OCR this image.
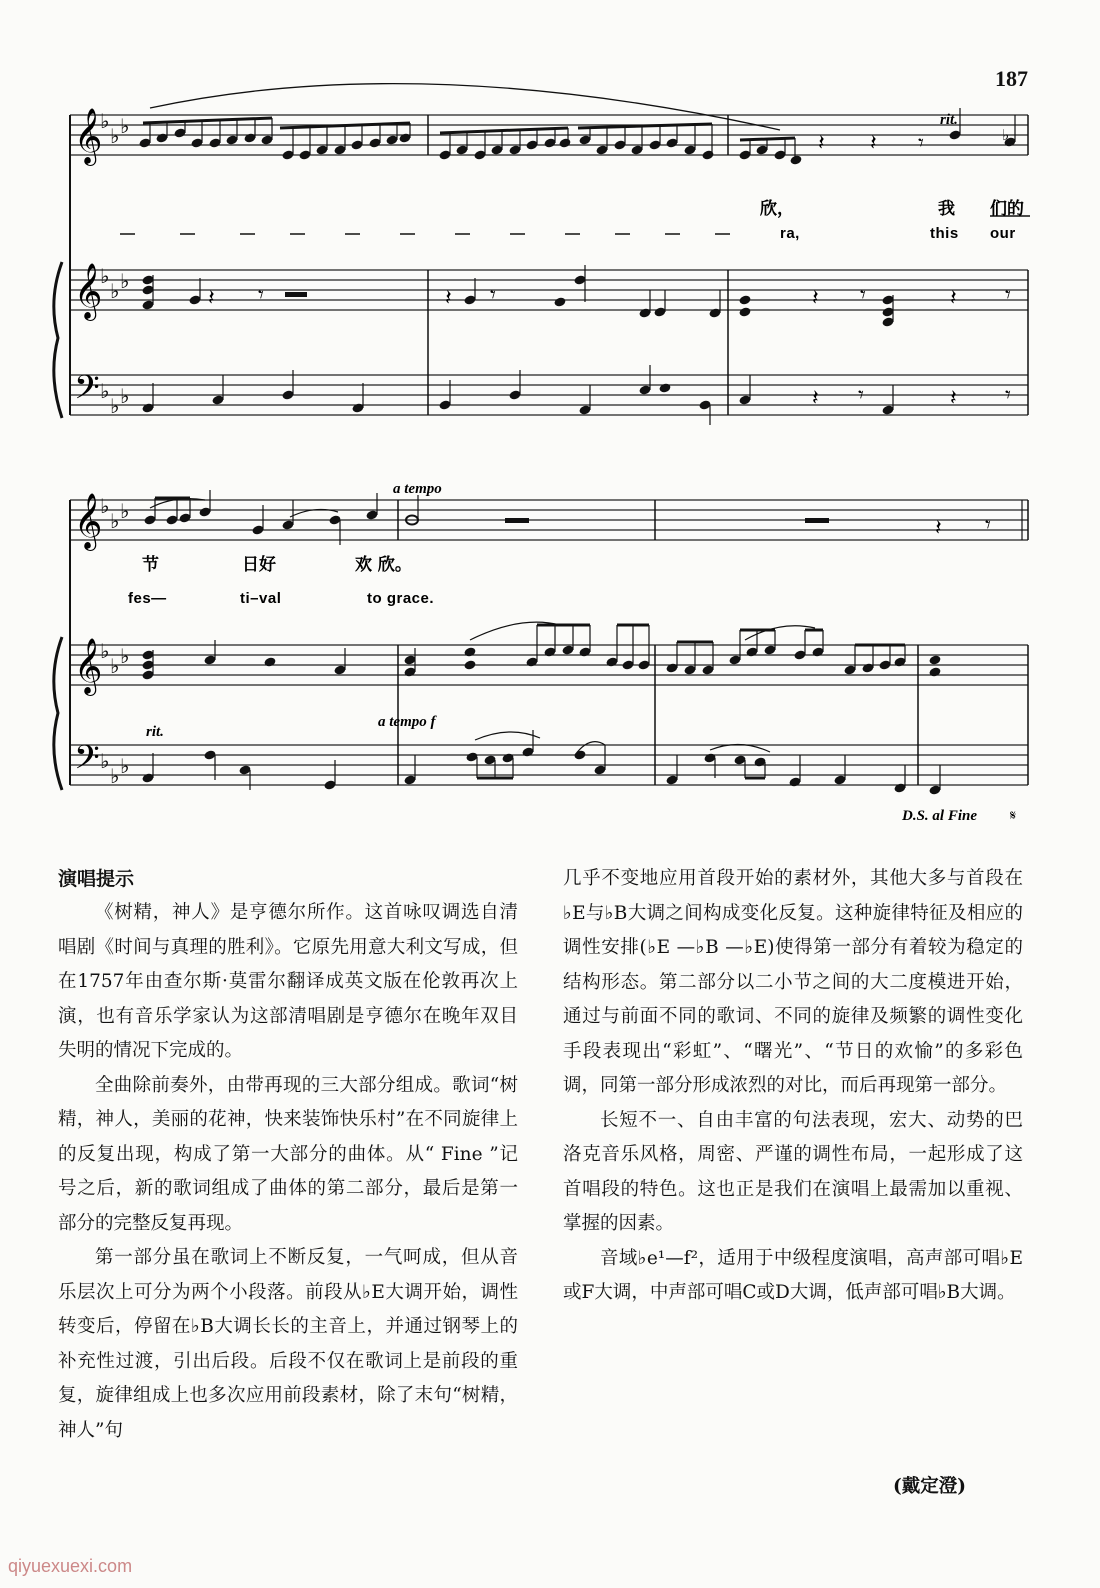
187
𝄞
𝄞
𝄢
♭
♭ ♭
♭
♭ ♭
♭
♭ ♭
𝄽 𝄽 𝄾	♭
𝄽 𝄾	𝄽 𝄾	𝄽 𝄾	𝄽 𝄾
𝄽 𝄾	𝄽 𝄾
rit.
欣，	我 们的
ra,	this our
𝄞
𝄞
𝄢
♭
♭ ♭
♭
♭ ♭
♭
♭ ♭
𝄽 𝄾
a tempo
节	日好	欢 欣。
fes—	ti–val	to grace.
rit.
a tempo f
D.S. al Fine 𝄋

演唱提示

《树精，神人》是亨德尔所作。这首咏叹调选自清唱剧《时间与真理的胜利》。它原先用意大利文写成，但在1757年由查尔斯·莫雷尔翻译成英文版在伦敦再次上演，也有音乐学家认为这部清唱剧是亨德尔在晚年双目失明的情况下完成的。

全曲除前奏外，由带再现的三大部分组成。歌词“树精，神人，美丽的花神，快来装饰快乐村”在不同旋律上的反复出现，构成了第一大部分的曲体。从“ Fine ”记号之后，新的歌词组成了曲体的第二部分，最后是第一部分的完整反复再现。

第一部分虽在歌词上不断反复，一气呵成，但从音乐层次上可分为两个小段落。前段从♭E大调开始，调性转变后，停留在♭B大调长长的主音上，并通过钢琴上的补充性过渡，引出后段。后段不仅在歌词上是前段的重复，旋律组成上也多次应用前段素材，除了末句“树精，神人”句

几乎不变地应用首段开始的素材外，其他大多与首段在♭E与♭B大调之间构成变化反复。这种旋律特征及相应的调性安排(♭E —♭B —♭E)使得第一部分有着较为稳定的结构形态。第二部分以二小节之间的大二度模进开始，通过与前面不同的歌词、不同的旋律及频繁的调性变化手段表现出“彩虹”、“曙光”、“节日的欢愉”的多彩色调，同第一部分形成浓烈的对比，而后再现第一部分。

长短不一、自由丰富的句法表现，宏大、动势的巴洛克音乐风格，周密、严谨的调性布局，一起形成了这首唱段的特色。这也正是我们在演唱上最需加以重视、掌握的因素。

音域♭e¹—f²，适用于中级程度演唱，高声部可唱♭E或F大调，中声部可唱C或D大调，低声部可唱♭B大调。

(戴定澄)
qiyuexuexi.com
